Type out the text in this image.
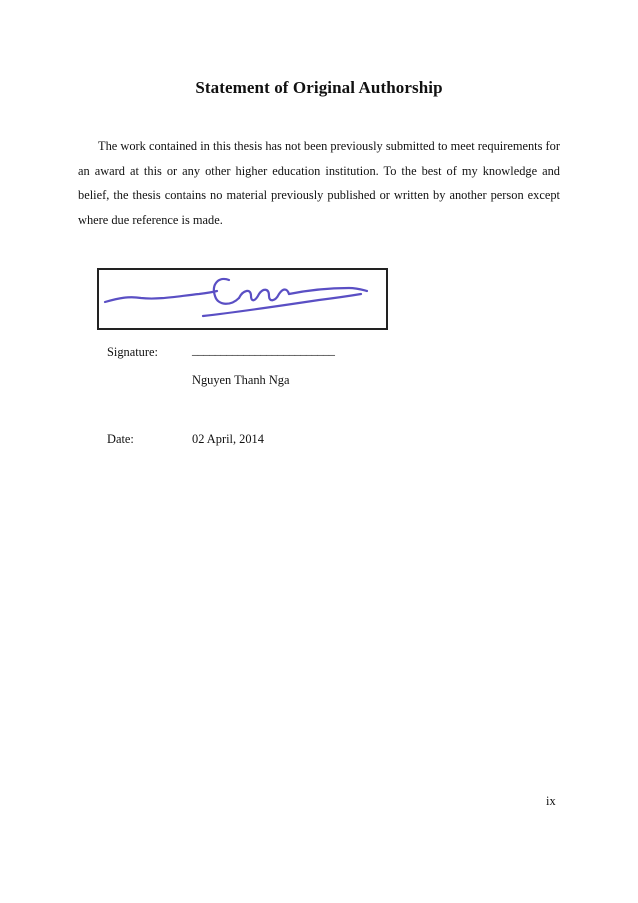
Statement of Original Authorship

The work contained in this thesis has not been previously submitted to meet requirements for an award at this or any other higher education institution. To the best of my knowledge and belief, the thesis contains no material previously published or written by another person except where due reference is made.

Signature:	_________________________
Nguyen Thanh Nga
Date:	02 April, 2014
ix
